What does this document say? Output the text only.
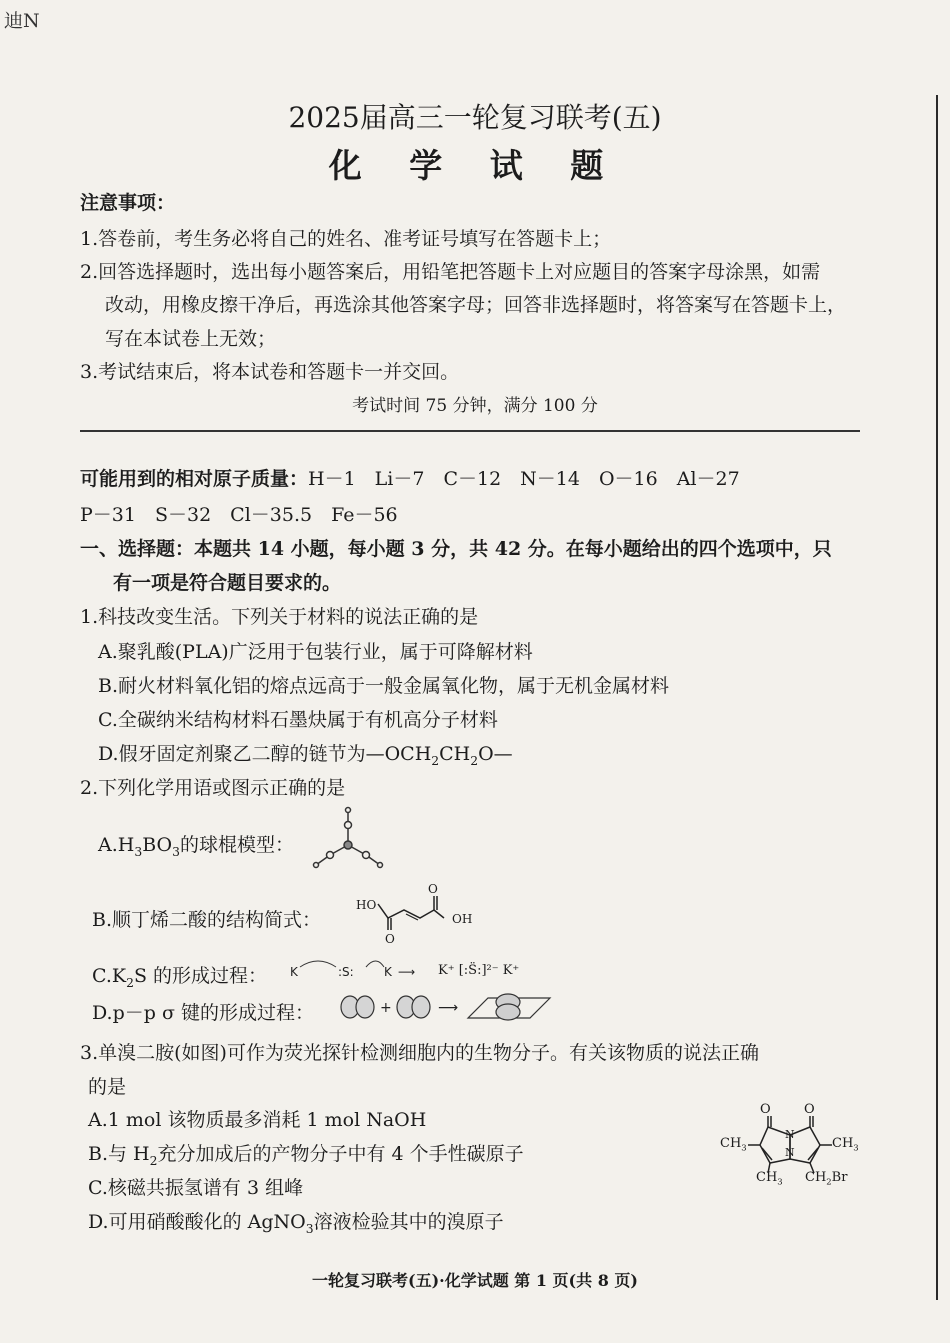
迪N
2025届高三一轮复习联考(五)
化 学 试 题
注意事项：
1.答卷前，考生务必将自己的姓名、准考证号填写在答题卡上；
2.回答选择题时，选出每小题答案后，用铅笔把答题卡上对应题目的答案字母涂黑，如需
改动，用橡皮擦干净后，再选涂其他答案字母；回答非选择题时，将答案写在答题卡上，
写在本试卷上无效；
3.考试结束后，将本试卷和答题卡一并交回。
考试时间 75 分钟，满分 100 分
可能用到的相对原子质量：H－1　Li－7　C－12　N－14　O－16　Al－27
P－31　S－32　Cl－35.5　Fe－56
一、选择题：本题共 14 小题，每小题 3 分，共 42 分。在每小题给出的四个选项中，只
有一项是符合题目要求的。
1.科技改变生活。下列关于材料的说法正确的是
A.聚乳酸(PLA)广泛用于包装行业，属于可降解材料
B.耐火材料氧化铝的熔点远高于一般金属氧化物，属于无机金属材料
C.全碳纳米结构材料石墨炔属于有机高分子材料
D.假牙固定剂聚乙二醇的链节为$—OCH_2CH_2O—$
2.下列化学用语或图示正确的是
$A.H_3BO_3$的球棍模型：
B.顺丁烯二酸的结构简式：
HO
OH
O
O
$C.K_2S$ 的形成过程： K	:S:	K ⟶ K⁺ [:S̈:]²⁻ K⁺
D.p－p σ 键的形成过程：	+	⟶
3.单溴二胺(如图)可作为荧光探针检测细胞内的生物分子。有关该物质的说法正确
的是
A.1 mol 该物质最多消耗 1 mol NaOH
B.与 $H_2$充分加成后的产物分子中有 4 个手性碳原子
C.核磁共振氢谱有 3 组峰
D.可用硝酸酸化的 AgNO$_3$溶液检验其中的溴原子
O	O
N
N
$CH_3$	$CH_3$
$CH_3$ $CH_2Br$
一轮复习联考(五)·化学试题 第 1 页(共 8 页)
